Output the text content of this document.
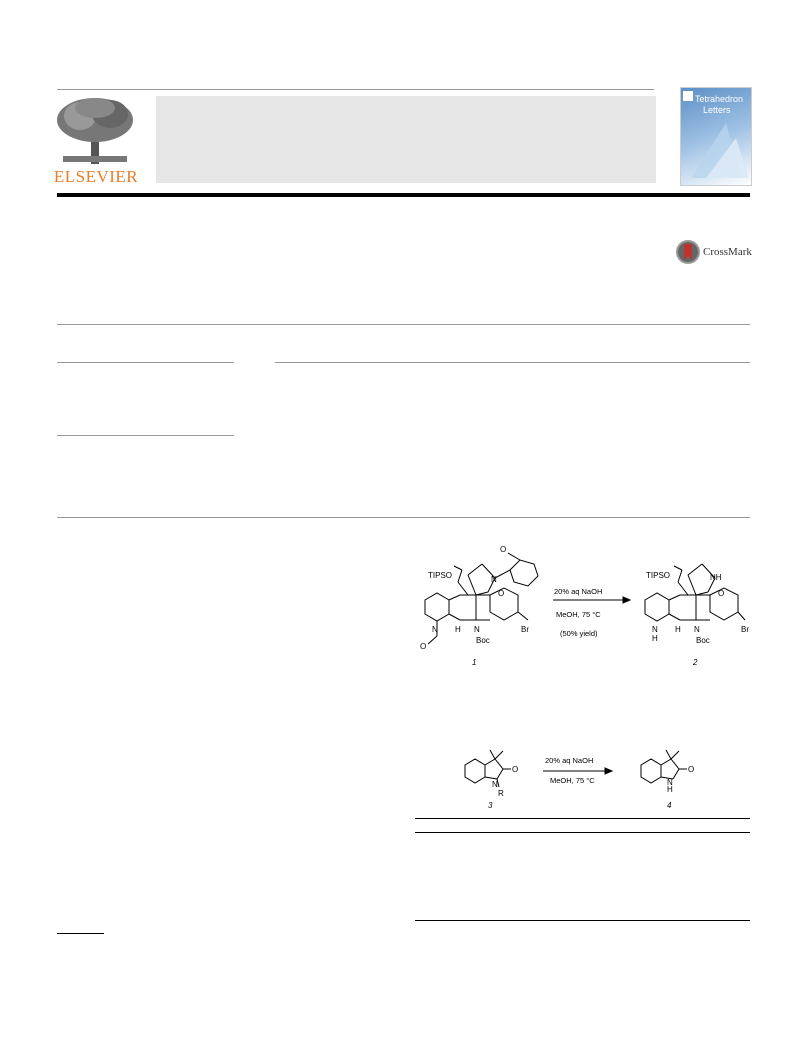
ELSEVIER
Tetrahedron
Letters
CrossMark
O
TIPSO	N
O
N H N
Boc
Br
O
1
20% aq NaOH
MeOH, 75 °C
(50% yield)
TIPSO	NH
O
N
H
H N
Boc
Br
2
N
R
O
3
20% aq NaOH
MeOH, 75 °C	N
H
O
4
